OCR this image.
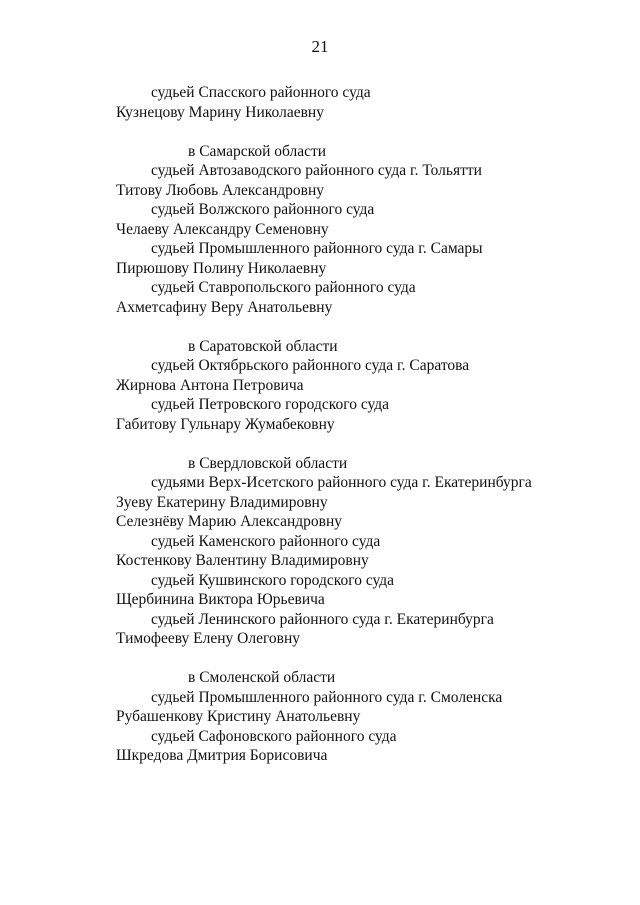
21
судьей Спасского районного суда
Кузнецову Марину Николаевну
в Самарской области
судьей Автозаводского районного суда г. Тольятти
Титову Любовь Александровну
судьей Волжского районного суда
Челаеву Александру Семеновну
судьей Промышленного районного суда г. Самары
Пирюшову Полину Николаевну
судьей Ставропольского районного суда
Ахметсафину Веру Анатольевну
в Саратовской области
судьей Октябрьского районного суда г. Саратова
Жирнова Антона Петровича
судьей Петровского городского суда
Габитову Гульнару Жумабековну
в Свердловской области
судьями Верх-Исетского районного суда г. Екатеринбурга
Зуеву Екатерину Владимировну
Селезнёву Марию Александровну
судьей Каменского районного суда
Костенкову Валентину Владимировну
судьей Кушвинского городского суда
Щербинина Виктора Юрьевича
судьей Ленинского районного суда г. Екатеринбурга
Тимофееву Елену Олеговну
в Смоленской области
судьей Промышленного районного суда г. Смоленска
Рубашенкову Кристину Анатольевну
судьей Сафоновского районного суда
Шкредова Дмитрия Борисовича
